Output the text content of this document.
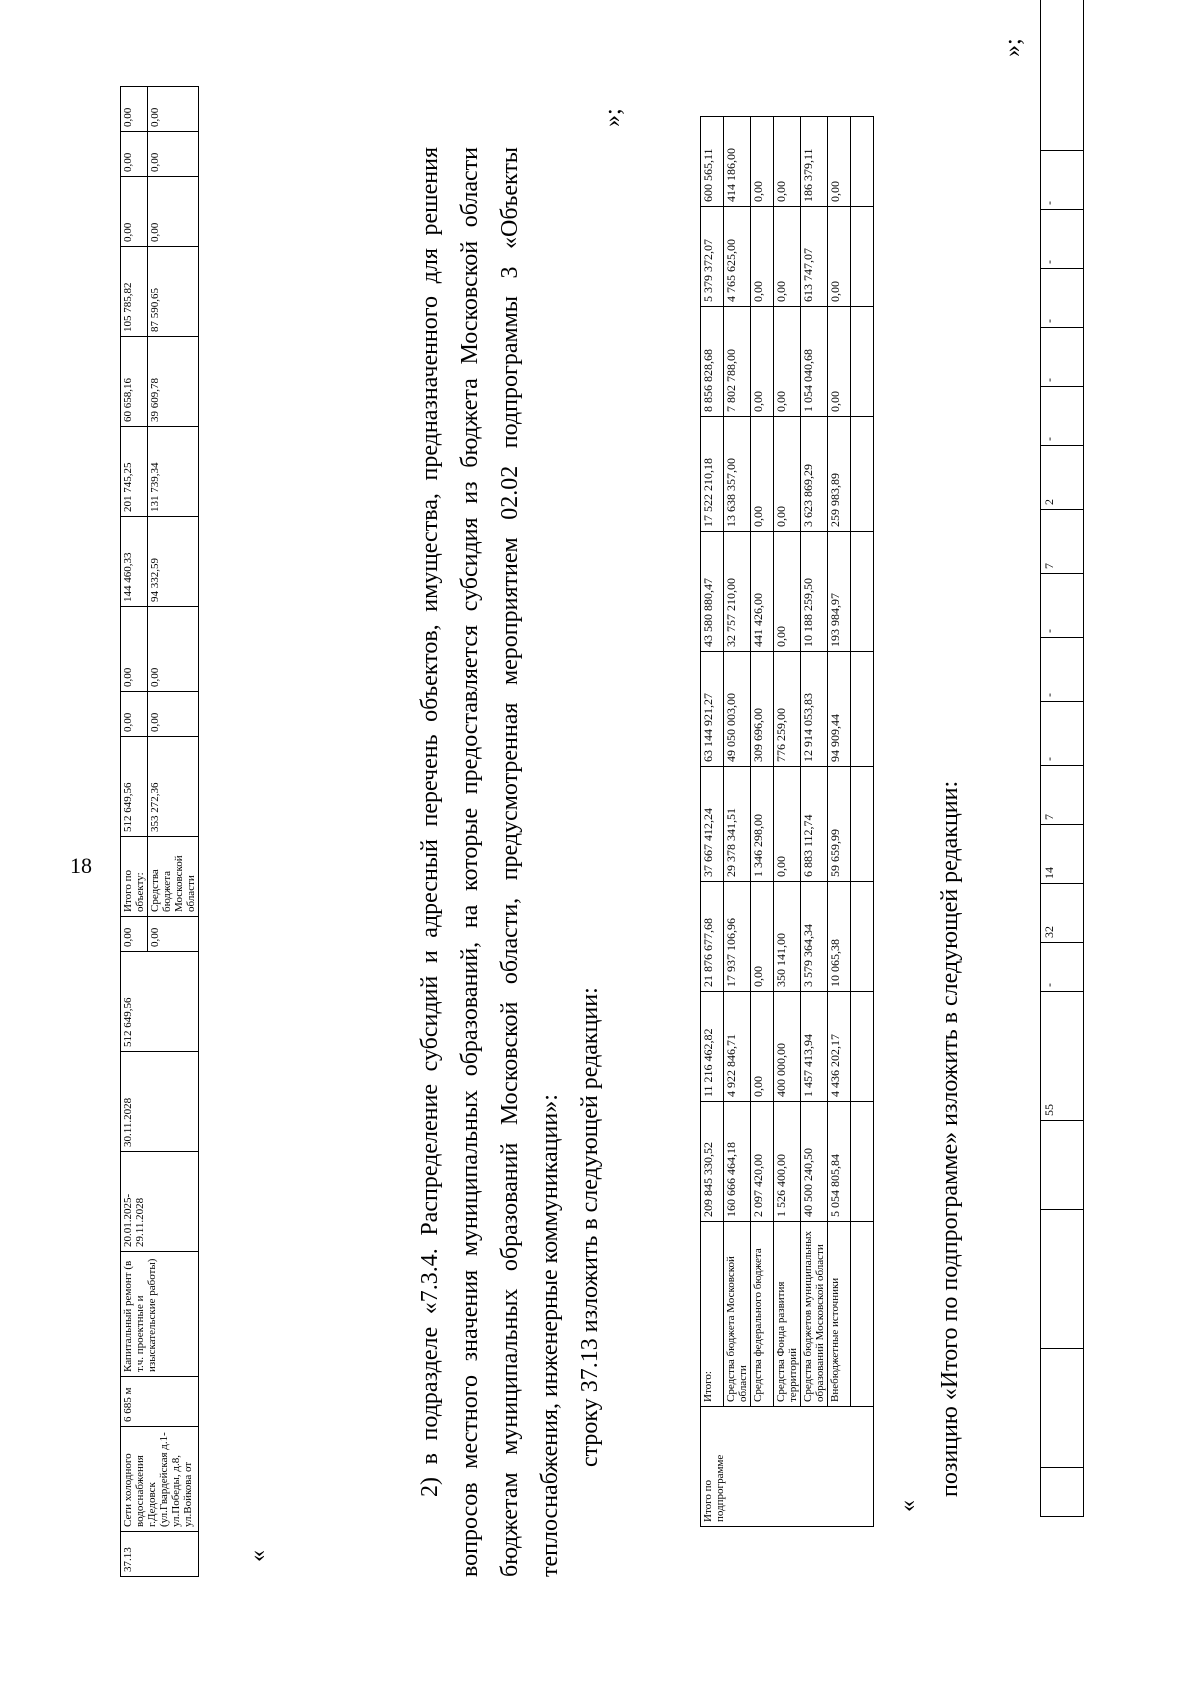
18
				55	-	32	14	7	-	-	-	7	2	-	-	-	-	-	
»;
позицию «Итого по подпрограмме» изложить в следующей редакции:
«
Итого по подпрограмме	Итого:	209 845 330,52	11 216 462,82	21 876 677,68	37 667 412,24	63 144 921,27	43 580 880,47	17 522 210,18	8 856 828,68	5 379 372,07	600 565,11
	Средства бюджета Московской области	160 666 464,18	4 922 846,71	17 937 106,96	29 378 341,51	49 050 003,00	32 757 210,00	13 638 357,00	7 802 788,00	4 765 625,00	414 186,00
	Средства федерального бюджета	2 097 420,00	0,00	0,00	1 346 298,00	309 696,00	441 426,00	0,00	0,00	0,00	0,00
	Средства Фонда развития территорий	1 526 400,00	400 000,00	350 141,00	0,00	776 259,00	0,00	0,00	0,00	0,00	0,00
	Средства бюджетов муниципальных образований Московской области	40 500 240,50	1 457 413,94	3 579 364,34	6 883 112,74	12 914 053,83	10 188 259,50	3 623 869,29	1 054 040,68	613 747,07	186 379,11
	Внебюджетные источники	5 054 805,84	4 436 202,17	10 065,38	59 659,99	94 909,44	193 984,97	259 983,89	0,00	0,00	0,00

»;
2) в подразделе «7.3.4. Распределение субсидий и адресный перечень объектов, имущества, предназначенного для решения вопросов местного значения муниципальных образований, на которые предоставляется субсидия из бюджета Московской области бюджетам муниципальных образований Московской области, предусмотренная мероприятием 02.02 подпрограммы 3 «Объекты теплоснабжения, инженерные коммуникации»: строку 37.13 изложить в следующей редакции:
«
37.13	Сети холодного водоснабжения г.Дедовск (ул.Гвардейская д.1-ул.Победы, д.8, ул.Войкова от	6 685 м	Капитальный ремонт (в т.ч. проектные и изыскательские работы)	20.01.2025-29.11.2028	30.11.2028	512 649,56	0,00	Итого по объекту:	512 649,56	0,00	0,00	144 460,33	201 745,25	60 658,16	105 785,82	0,00	0,00	0,00
							0,00	Средства бюджета Московской области	353 272,36	0,00	0,00	94 332,59	131 739,34	39 609,78	87 590,65	0,00	0,00	0,00
